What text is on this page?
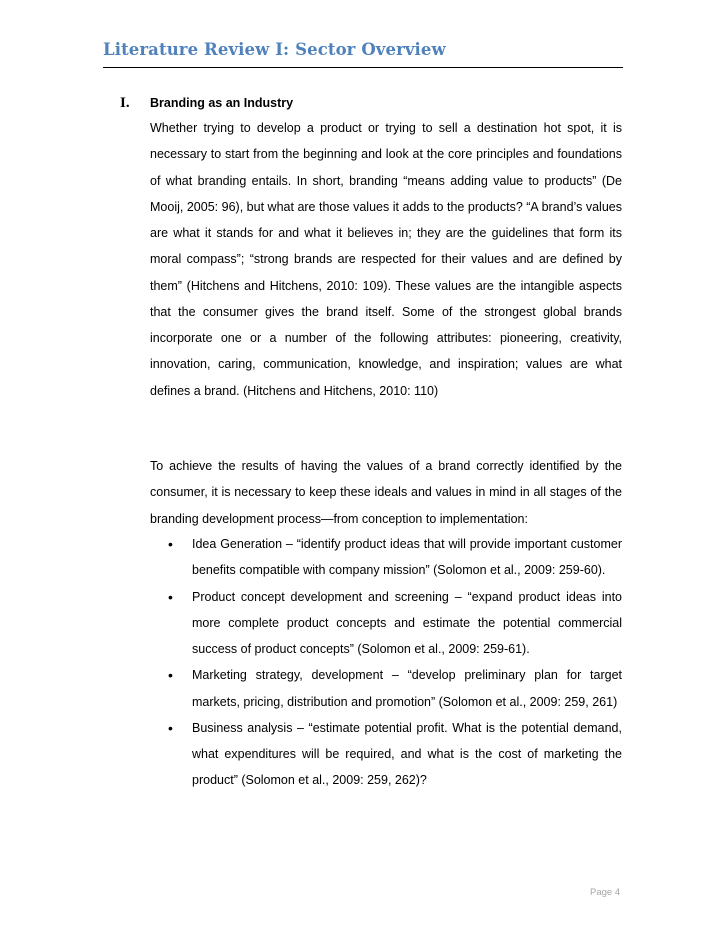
Literature Review I: Sector Overview
I. Branding as an Industry

Whether trying to develop a product or trying to sell a destination hot spot, it is necessary to start from the beginning and look at the core principles and foundations of what branding entails. In short, branding “means adding value to products” (De Mooij, 2005: 96), but what are those values it adds to the products? “A brand’s values are what it stands for and what it believes in; they are the guidelines that form its moral compass”; “strong brands are respected for their values and are defined by them” (Hitchens and Hitchens, 2010: 109). These values are the intangible aspects that the consumer gives the brand itself. Some of the strongest global brands incorporate one or a number of the following attributes: pioneering, creativity, innovation, caring, communication, knowledge, and inspiration; values are what defines a brand. (Hitchens and Hitchens, 2010: 110)

To achieve the results of having the values of a brand correctly identified by the consumer, it is necessary to keep these ideals and values in mind in all stages of the branding development process—from conception to implementation:

• Idea Generation – “identify product ideas that will provide important customer benefits compatible with company mission” (Solomon et al., 2009: 259-60).
• Product concept development and screening – “expand product ideas into more complete product concepts and estimate the potential commercial success of product concepts” (Solomon et al., 2009: 259-61).
• Marketing strategy, development – “develop preliminary plan for target markets, pricing, distribution and promotion” (Solomon et al., 2009: 259, 261)
• Business analysis – “estimate potential profit. What is the potential demand, what expenditures will be required, and what is the cost of marketing the product” (Solomon et al., 2009: 259, 262)?
Page 4
